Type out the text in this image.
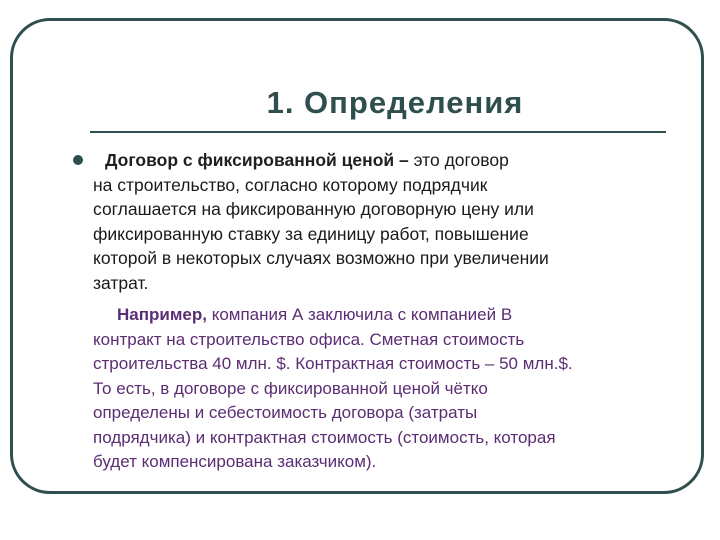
1. Определения
Договор с фиксированной ценой – это договор
на строительство, согласно которому подрядчик
соглашается на фиксированную договорную цену или
фиксированную ставку за единицу работ, повышение
которой в некоторых случаях возможно при увеличении
затрат.
Например, компания А заключила с компанией В
контракт на строительство офиса. Сметная стоимость
строительства 40 млн. $. Контрактная стоимость – 50 млн.$.
То есть, в договоре с фиксированной ценой чётко
определены и себестоимость договора (затраты
подрядчика) и контрактная стоимость (стоимость, которая
будет компенсирована заказчиком).
